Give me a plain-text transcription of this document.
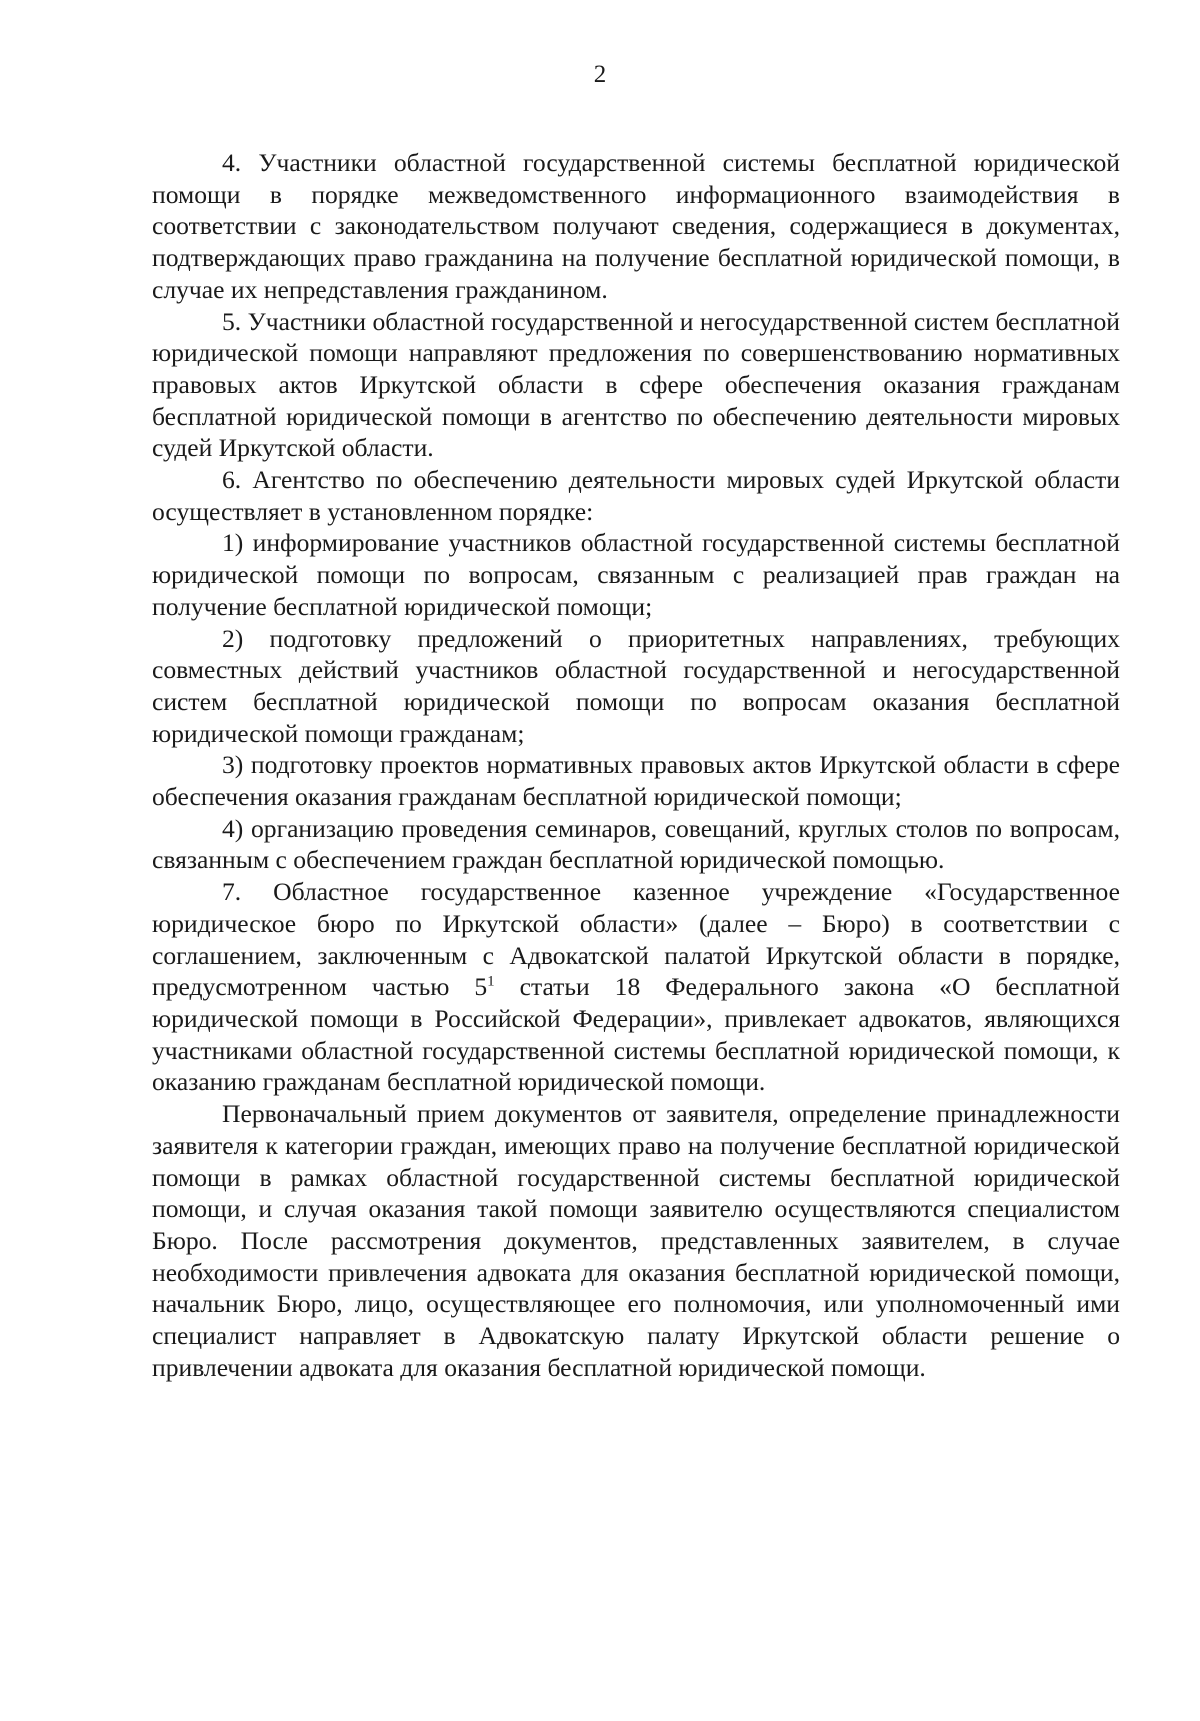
2

4. Участники областной государственной системы бесплатной юридической помощи в порядке межведомственного информационного взаимодействия в соответствии с законодательством получают сведения, содержащиеся в документах, подтверждающих право гражданина на получение бесплатной юридической помощи, в случае их непредставления гражданином.

5. Участники областной государственной и негосударственной систем бесплатной юридической помощи направляют предложения по совершенствованию нормативных правовых актов Иркутской области в сфере обеспечения оказания гражданам бесплатной юридической помощи в агентство по обеспечению деятельности мировых судей Иркутской области.

6. Агентство по обеспечению деятельности мировых судей Иркутской области осуществляет в установленном порядке:

1) информирование участников областной государственной системы бесплатной юридической помощи по вопросам, связанным с реализацией прав граждан на получение бесплатной юридической помощи;

2) подготовку предложений о приоритетных направлениях, требующих совместных действий участников областной государственной и негосударственной систем бесплатной юридической помощи по вопросам оказания бесплатной юридической помощи гражданам;

3) подготовку проектов нормативных правовых актов Иркутской области в сфере обеспечения оказания гражданам бесплатной юридической помощи;

4) организацию проведения семинаров, совещаний, круглых столов по вопросам, связанным с обеспечением граждан бесплатной юридической помощью.

7. Областное государственное казенное учреждение «Государственное юридическое бюро по Иркутской области» (далее – Бюро) в соответствии с соглашением, заключенным с Адвокатской палатой Иркутской области в порядке, предусмотренном частью $5^1$ статьи 18 Федерального закона «О бесплатной юридической помощи в Российской Федерации», привлекает адвокатов, являющихся участниками областной государственной системы бесплатной юридической помощи, к оказанию гражданам бесплатной юридической помощи.

Первоначальный прием документов от заявителя, определение принадлежности заявителя к категории граждан, имеющих право на получение бесплатной юридической помощи в рамках областной государственной системы бесплатной юридической помощи, и случая оказания такой помощи заявителю осуществляются специалистом Бюро. После рассмотрения документов, представленных заявителем, в случае необходимости привлечения адвоката для оказания бесплатной юридической помощи, начальник Бюро, лицо, осуществляющее его полномочия, или уполномоченный ими специалист направляет в Адвокатскую палату Иркутской области решение о привлечении адвоката для оказания бесплатной юридической помощи.
